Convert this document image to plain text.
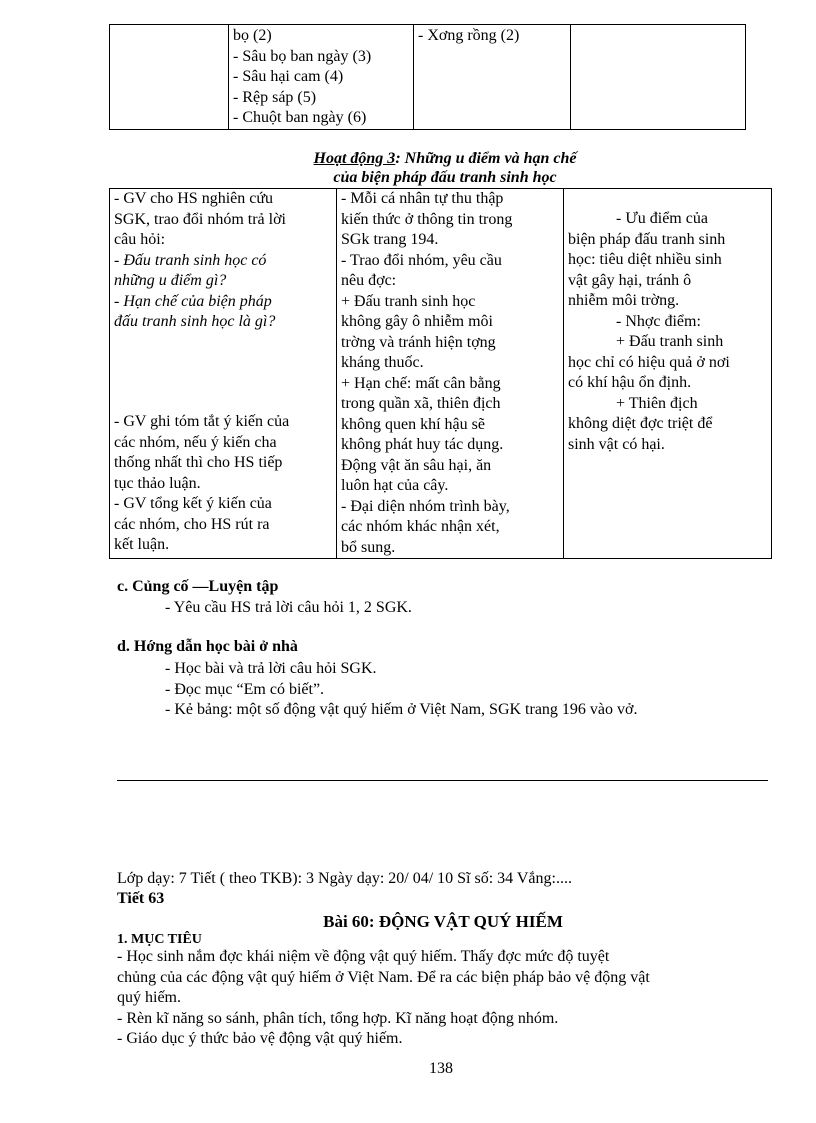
bọ (2)
- Sâu bọ ban ngày (3)
- Sâu hại cam (4)
- Rệp sáp (5)
- Chuột ban ngày (6)

- Xơng rồng (2)

Hoạt động 3: Những u điểm và hạn chế
của biện pháp đấu tranh sinh học
- GV cho HS nghiên cứu
SGK, trao đổi nhóm trả lời
câu hỏi:
- Đấu tranh sinh học có
những u điểm gì?
- Hạn chế của biện pháp
đấu tranh sinh học là gì?
- GV ghi tóm tắt ý kiến của
các nhóm, nếu ý kiến cha
thống nhất thì cho HS tiếp
tục thảo luận.
- GV tổng kết ý kiến của
các nhóm, cho HS rút ra
kết luận.

- Mỗi cá nhân tự thu thập
kiến thức ở thông tin trong
SGk trang 194.
- Trao đổi nhóm, yêu cầu
nêu đợc:
+ Đấu tranh sinh học
không gây ô nhiễm môi
trờng và tránh hiện tợng
kháng thuốc.
+ Hạn chế: mất cân bằng
trong quần xã, thiên địch
không quen khí hậu sẽ
không phát huy tác dụng.
Động vật ăn sâu hại, ăn
luôn hạt của cây.
- Đại diện nhóm trình bày,
các nhóm khác nhận xét,
bổ sung.

- Ưu điểm của
biện pháp đấu tranh sinh
học: tiêu diệt nhiều sinh
vật gây hại, tránh ô
nhiễm môi trờng.
- Nhợc điểm:
+ Đấu tranh sinh
học chỉ có hiệu quả ở nơi
có khí hậu ổn định.
+ Thiên địch
không diệt đợc triệt để
sinh vật có hại.
c. Củng cố —Luyện tập
- Yêu cầu HS trả lời câu hỏi 1, 2 SGK.
d. Hớng dẫn học bài ở nhà
- Học bài và trả lời câu hỏi SGK.
- Đọc mục “Em có biết”.
- Kẻ bảng: một số động vật quý hiếm ở Việt Nam, SGK trang 196 vào vở.
Lớp dạy: 7 Tiết ( theo TKB): 3 Ngày dạy: 20/ 04/ 10 Sĩ số: 34 Vắng:....
Tiết 63
Bài 60: ĐỘNG VẬT QUÝ HIẾM
1. MỤC TIÊU
- Học sinh nắm đợc khái niệm về động vật quý hiếm. Thấy đợc mức độ tuyệt
chủng của các động vật quý hiếm ở Việt Nam. Để ra các biện pháp bảo vệ động vật
quý hiếm.
- Rèn kĩ năng so sánh, phân tích, tổng hợp. Kĩ năng hoạt động nhóm.
- Giáo dục ý thức bảo vệ động vật quý hiếm.
138
